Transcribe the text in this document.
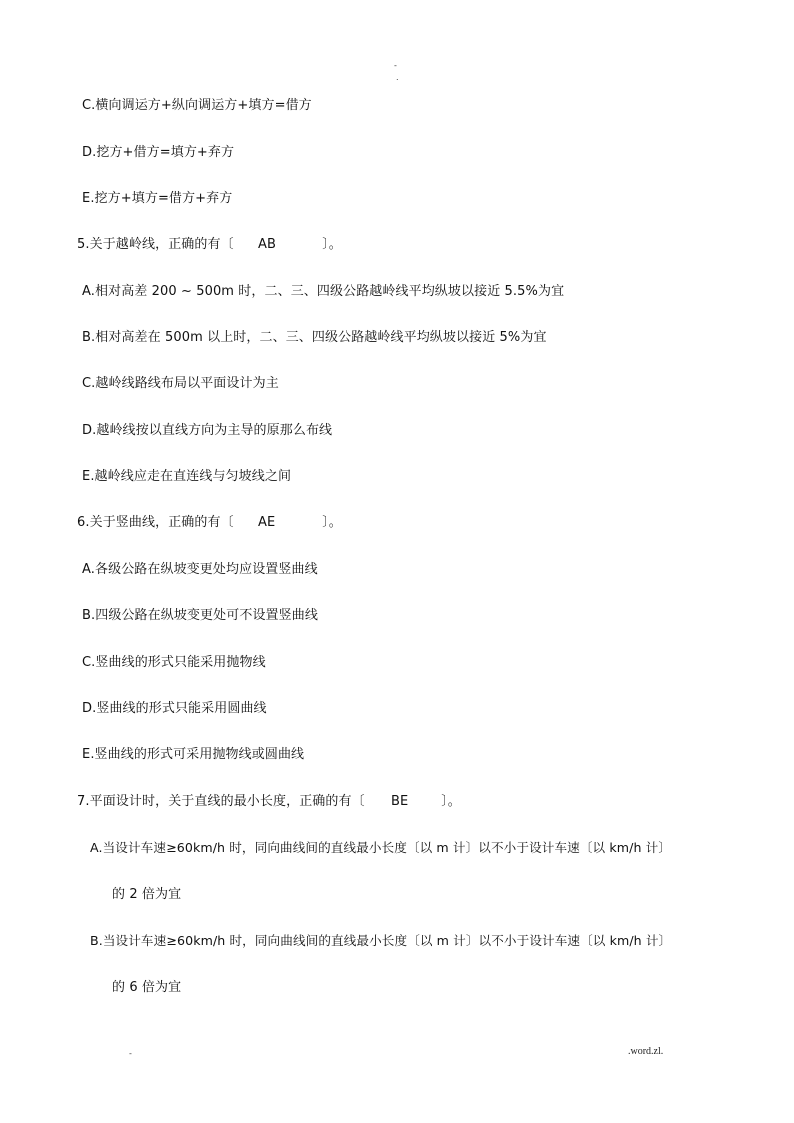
-
.
C.横向调运方+纵向调运方+填方=借方
D.挖方+借方=填方+弃方
E.挖方+填方=借方+弃方
5.关于越岭线，正确的有〔 AB	〕。
A.相对高差 200 ~ 500m 时，二、三、四级公路越岭线平均纵坡以接近 5.5%为宜
B.相对高差在 500m 以上时，二、三、四级公路越岭线平均纵坡以接近 5%为宜
C.越岭线路线布局以平面设计为主
D.越岭线按以直线方向为主导的原那么布线
E.越岭线应走在直连线与匀坡线之间
6.关于竖曲线，正确的有〔 AE	〕。
A.各级公路在纵坡变更处均应设置竖曲线
B.四级公路在纵坡变更处可不设置竖曲线
C.竖曲线的形式只能采用抛物线
D.竖曲线的形式只能采用圆曲线
E.竖曲线的形式可采用抛物线或圆曲线
7.平面设计时，关于直线的最小长度，正确的有〔 BE	〕。
A.当设计车速≥60km/h 时，同向曲线间的直线最小长度〔以 m 计〕以不小于设计车速〔以 km/h 计〕
的 2 倍为宜
B.当设计车速≥60km/h 时，同向曲线间的直线最小长度〔以 m 计〕以不小于设计车速〔以 km/h 计〕
的 6 倍为宜
-	.word.zl.
